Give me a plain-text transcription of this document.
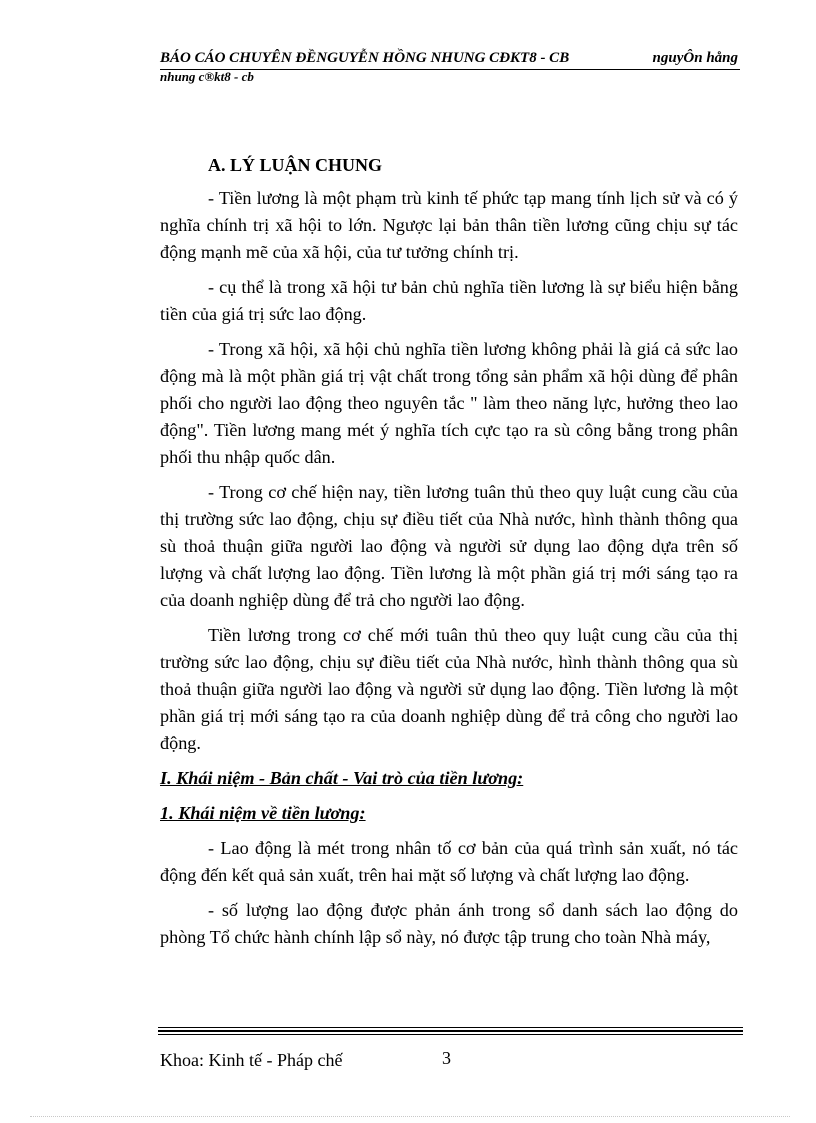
BÁO CÁO CHUYÊN ĐỀNGUYỄN HỒNG NHUNG CĐKT8 - CB	nguyÔn hång
nhung c®kt8 - cb
A. LÝ LUẬN CHUNG

- Tiền lương là một phạm trù kinh tế phức tạp mang tính lịch sử và có ý nghĩa chính trị xã hội to lớn. Ngược lại bản thân tiền lương cũng chịu sự tác động mạnh mẽ của xã hội, của tư tưởng chính trị.

- cụ thể là trong xã hội tư bản chủ nghĩa tiền lương là sự biểu hiện bằng tiền của giá trị sức lao động.

- Trong xã hội, xã hội chủ nghĩa tiền lương không phải là giá cả sức lao động mà là một phần giá trị vật chất trong tổng sản phẩm xã hội dùng để phân phối cho người lao động theo nguyên tắc " làm theo năng lực, hưởng theo lao động". Tiền lương mang mét ý nghĩa tích cực tạo ra sù công bằng trong phân phối thu nhập quốc dân.

- Trong cơ chế hiện nay, tiền lương tuân thủ theo quy luật cung cầu của thị trường sức lao động, chịu sự điều tiết của Nhà nước, hình thành thông qua sù thoả thuận giữa người lao động và người sử dụng lao động dựa trên số lượng và chất lượng lao động. Tiền lương là một phần giá trị mới sáng tạo ra của doanh nghiệp dùng để trả cho người lao động.

Tiền lương trong cơ chế mới tuân thủ theo quy luật cung cầu của thị trường sức lao động, chịu sự điều tiết của Nhà nước, hình thành thông qua sù thoả thuận giữa người lao động và người sử dụng lao động. Tiền lương là một phần giá trị mới sáng tạo ra của doanh nghiệp dùng để trả công cho người lao động.

I. Khái niệm - Bản chất - Vai trò của tiền lương:

1. Khái niệm về tiền lương:

- Lao động là mét trong nhân tố cơ bản của quá trình sản xuất, nó tác động đến kết quả sản xuất, trên hai mặt số lượng và chất lượng lao động.

- số lượng lao động được phản ánh trong sổ danh sách lao động do phòng Tổ chức hành chính lập sổ này, nó được tập trung cho toàn Nhà máy,

Khoa: Kinh tế - Pháp chế	3
